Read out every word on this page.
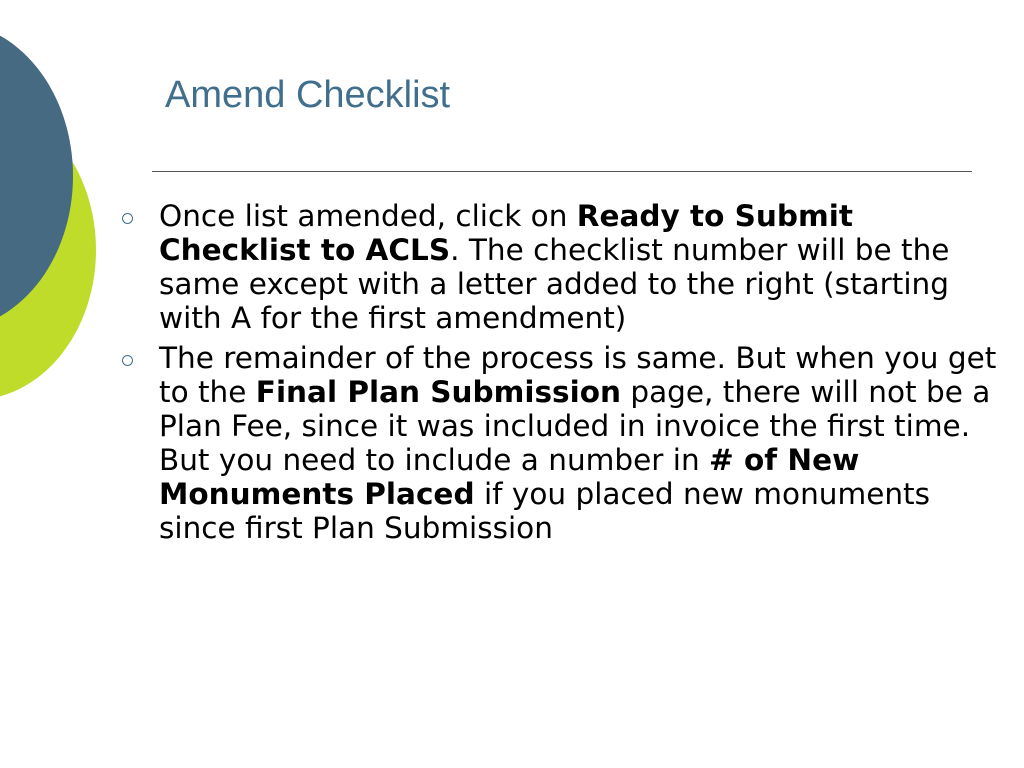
Amend Checklist
Once list amended, click on Ready to Submit Checklist to ACLS. The checklist number will be the same except with a letter added to the right (starting with A for the first amendment)
The remainder of the process is same. But when you get to the Final Plan Submission page, there will not be a Plan Fee, since it was included in invoice the first time. But you need to include a number in # of New Monuments Placed if you placed new monuments since first Plan Submission
